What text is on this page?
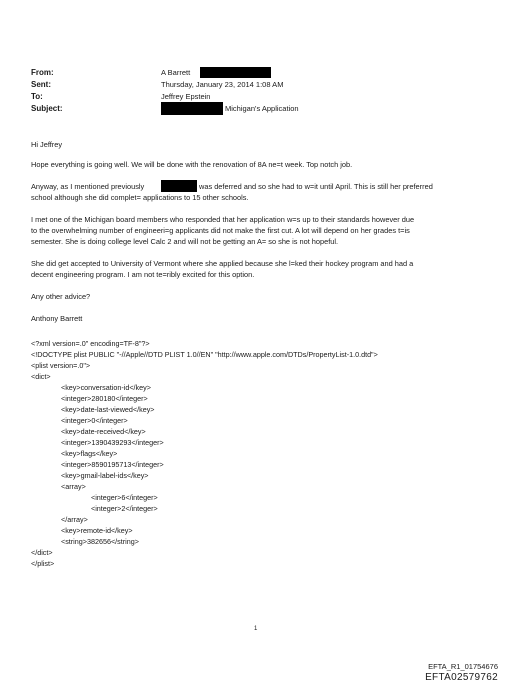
From:
Sent:
To:
Subject:
A Barrett
Thursday, January 23, 2014 1:08 AM
Jeffrey Epstein
Michigan's Application
Hi Jeffrey
Hope everything is going well. We will be done with the renovation of 8A ne=t week. Top notch job.
Anyway, as I mentioned previously	was deferred and so she had to w=it until April. This is still her preferred
school although she did complet= applications to 15 other schools.
I met one of the Michigan board members who responded that her application w=s up to their standards however due
to the overwhelming number of engineeri=g applicants did not make the first cut. A lot will depend on her grades t=is
semester. She is doing college level Calc 2 and will not be getting an A= so she is not hopeful.
She did get accepted to University of Vermont where she applied because she l=ked their hockey program and had a
decent engineering program. I am not te=ribly excited for this option.
Any other advice?
Anthony Barrett
<?xml version=.0" encoding=TF-8"?>
<!DOCTYPE plist PUBLIC "-//Apple//DTD PLIST 1.0//EN" "http://www.apple.com/DTDs/PropertyList-1.0.dtd">
<plist version=.0">
<dict>
<key>conversation-id</key>
<integer>280180</integer>
<key>date-last-viewed</key>
<integer>0</integer>
<key>date-received</key>
<integer>1390439293</integer>
<key>flags</key>
<integer>8590195713</integer>
<key>gmail-label-ids</key>
<array>
<integer>6</integer>
<integer>2</integer>
</array>
<key>remote-id</key>
<string>382656</string>
</dict>
</plist>
1
EFTA_R1_01754676
EFTA02579762
